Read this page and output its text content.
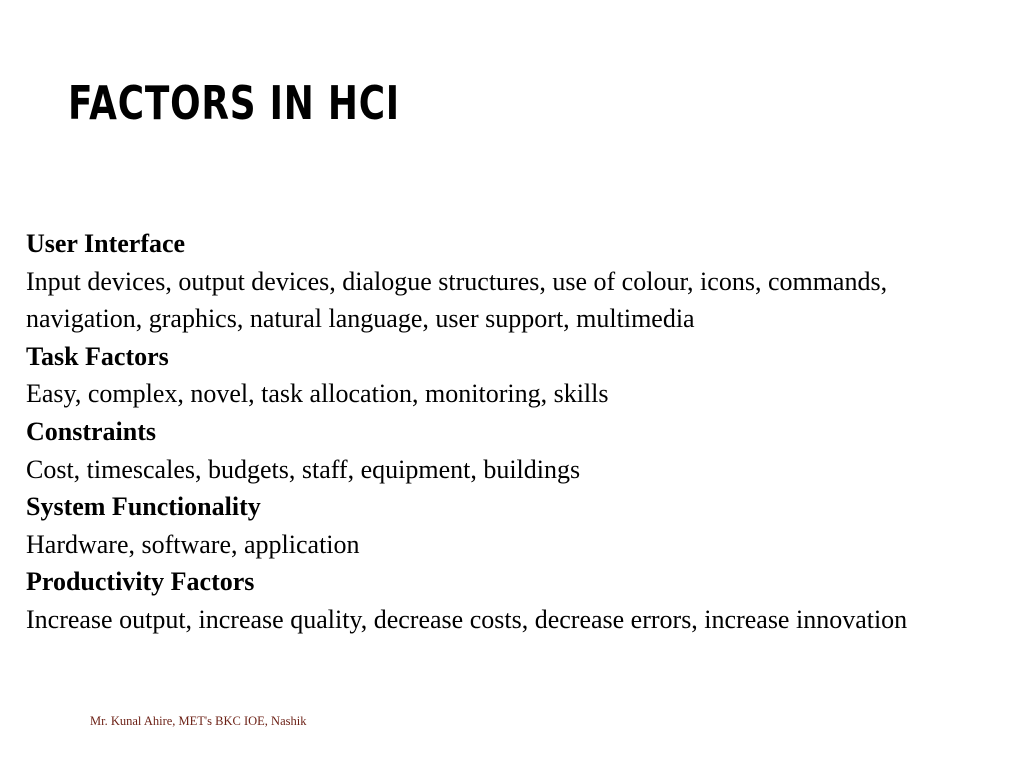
FACTORS IN HCI

User Interface

Input devices, output devices, dialogue structures, use of colour, icons, commands, navigation, graphics, natural language, user support, multimedia

Task Factors

Easy, complex, novel, task allocation, monitoring, skills

Constraints

Cost, timescales, budgets, staff, equipment, buildings

System Functionality

Hardware, software, application

Productivity Factors

Increase output, increase quality, decrease costs, decrease errors, increase innovation

Mr. Kunal Ahire, MET's BKC IOE, Nashik
